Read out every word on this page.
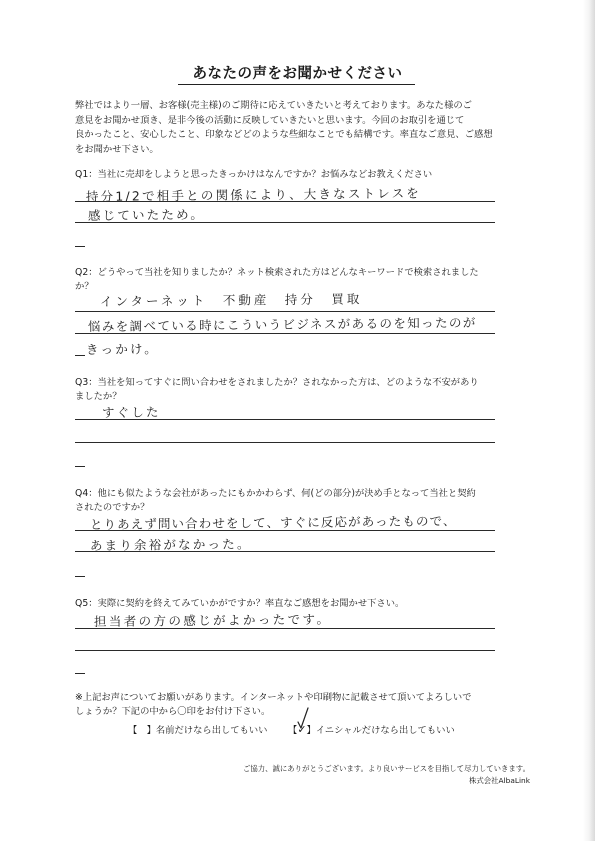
あなたの声をお聞かせください
弊社ではより一層、お客様(売主様)のご期待に応えていきたいと考えております。あなた様のご
意見をお聞かせ頂き、是非今後の活動に反映していきたいと思います。今回のお取引を通じて
良かったこと、安心したこと、印象などどのような些細なことでも結構です。率直なご意見、ご感想
をお聞かせ下さい。
Q1：当社に売却をしようと思ったきっかけはなんですか？お悩みなどお教えください
持分1/2で相手との関係により、大きなストレスを
感じていたため。
Q2：どうやって当社を知りましたか？ネット検索された方はどんなキーワードで検索されました
か？
インターネット　不動産　持分　買取
悩みを調べている時にこういうビジネスがあるのを知ったのが
きっかけ。
Q3：当社を知ってすぐに問い合わせをされましたか？されなかった方は、どのような不安があり
ましたか？
すぐした
Q4：他にも似たような会社があったにもかかわらず、何(どの部分)が決め手となって当社と契約
されたのですか？
とりあえず問い合わせをして、すぐに反応があったもので、
あまり余裕がなかった。
Q5：実際に契約を終えてみていかがですか？率直なご感想をお聞かせ下さい。
担当者の方の感じがよかったです。
※上記お声についてお願いがあります。インターネットや印刷物に記載させて頂いてよろしいで
しょうか？下記の中から〇印をお付け下さい。
【　】名前だけなら出してもいい 【✓】イニシャルだけなら出してもいい
ご協力、誠にありがとうございます。より良いサービスを目指して尽力していきます。
株式会社AlbaLink
